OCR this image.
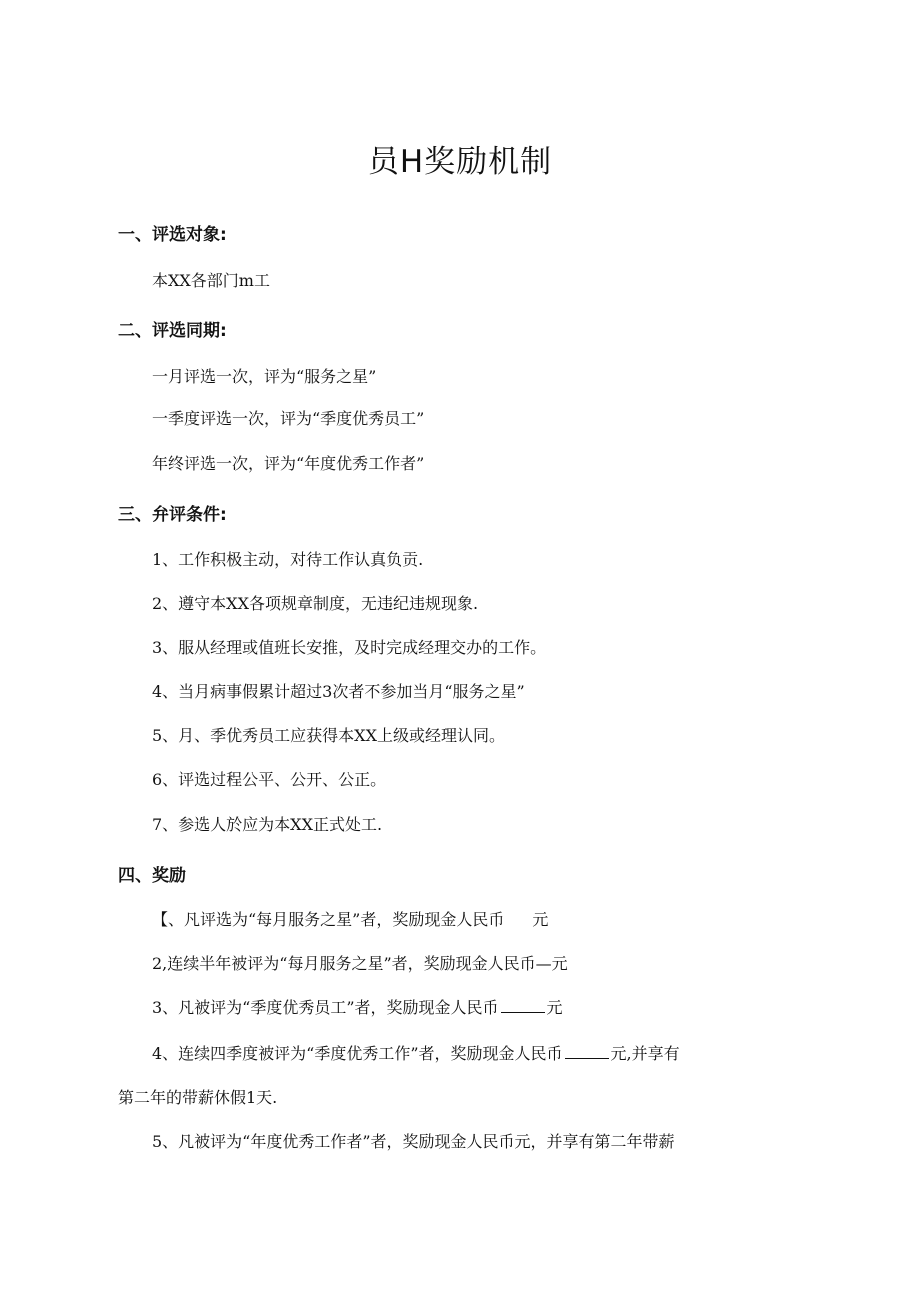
员H奖励机制
一、评选对象:
本XX各部门m工
二、评选同期:
一月评选一次，评为“服务之星”
一季度评选一次，评为“季度优秀员工”
年终评选一次，评为“年度优秀工作者”
三、弁评条件:
1、工作积极主动，对待工作认真负贡.
2、遵守本XX各项规章制度，无违纪违规现象.
3、服从经理或值班长安推，及时完成经理交办的工作。
4、当月病事假累计超过3次者不参加当月“服务之星”
5、月、季优秀员工应获得本XX上级或经理认同。
6、评选过程公平、公开、公正。
7、参选人於应为本XX正式处工.
四、奖励
【、凡评选为“每月服务之星”者，奖励现金人民币 元
2,连续半年被评为“每月服务之星”者，奖励现金人民币—元
3、凡被评为“季度优秀员工”者，奖励现金人民币	元
4、连续四季度被评为“季度优秀工作”者，奖励现金人民币	元,并享有
第二年的带薪休假1天.
5、凡被评为“年度优秀工作者”者，奖励现金人民币元，并享有第二年带薪
